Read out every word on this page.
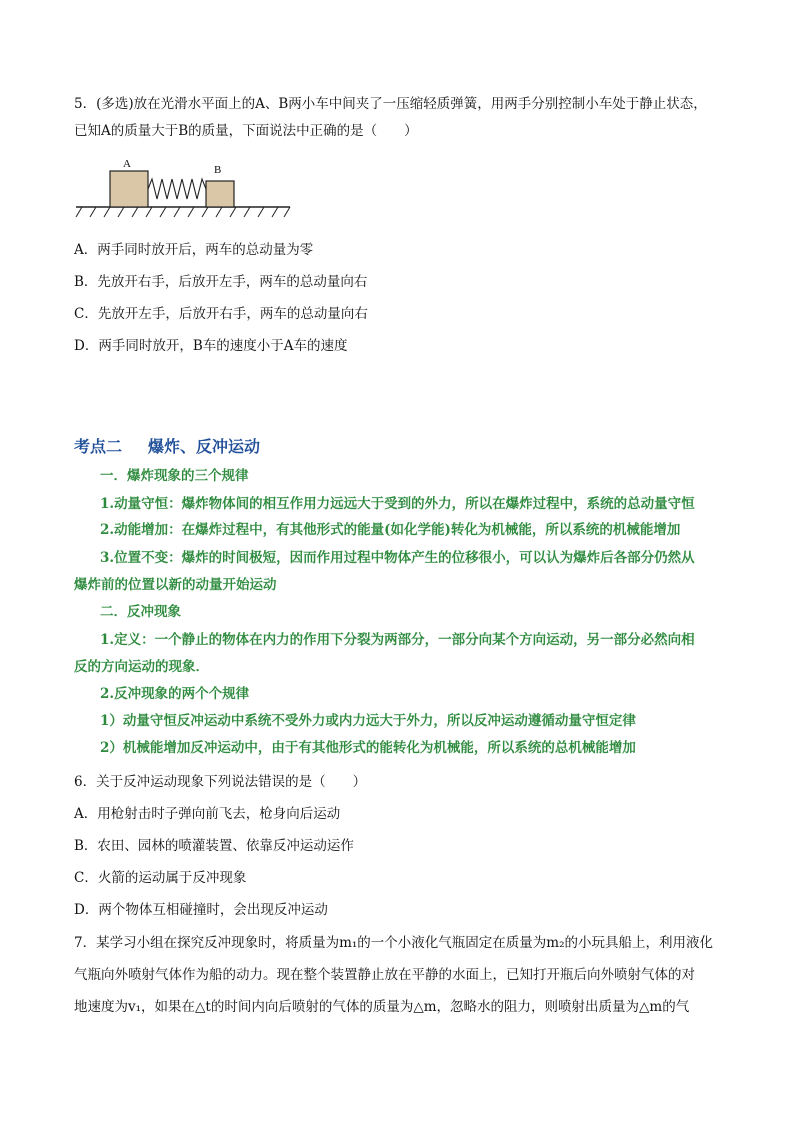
5．(多选)放在光滑水平面上的A、B两小车中间夹了一压缩轻质弹簧，用两手分别控制小车处于静止状态，
已知A的质量大于B的质量，下面说法中正确的是（　　）
A	B
A．两手同时放开后，两车的总动量为零
B．先放开右手，后放开左手，两车的总动量向右
C．先放开左手，后放开右手，两车的总动量向右
D．两手同时放开，B车的速度小于A车的速度
考点二 爆炸、反冲运动
一．爆炸现象的三个规律
1.动量守恒：爆炸物体间的相互作用力远远大于受到的外力，所以在爆炸过程中，系统的总动量守恒
2.动能增加：在爆炸过程中，有其他形式的能量(如化学能)转化为机械能，所以系统的机械能增加
3.位置不变：爆炸的时间极短，因而作用过程中物体产生的位移很小，可以认为爆炸后各部分仍然从
爆炸前的位置以新的动量开始运动
二．反冲现象
1.定义：一个静止的物体在内力的作用下分裂为两部分，一部分向某个方向运动，另一部分必然向相
反的方向运动的现象．
2.反冲现象的两个个规律
1）动量守恒反冲运动中系统不受外力或内力远大于外力，所以反冲运动遵循动量守恒定律
2）机械能增加反冲运动中，由于有其他形式的能转化为机械能，所以系统的总机械能增加
6．关于反冲运动现象下列说法错误的是（　　）
A．用枪射击时子弹向前飞去，枪身向后运动
B．农田、园林的喷灌装置、依靠反冲运动运作
C．火箭的运动属于反冲现象
D．两个物体互相碰撞时，会出现反冲运动
7．某学习小组在探究反冲现象时，将质量为m₁的一个小液化气瓶固定在质量为m₂的小玩具船上，利用液化
气瓶向外喷射气体作为船的动力。现在整个装置静止放在平静的水面上，已知打开瓶后向外喷射气体的对
地速度为v₁，如果在△t的时间内向后喷射的气体的质量为△m，忽略水的阻力，则喷射出质量为△m的气
